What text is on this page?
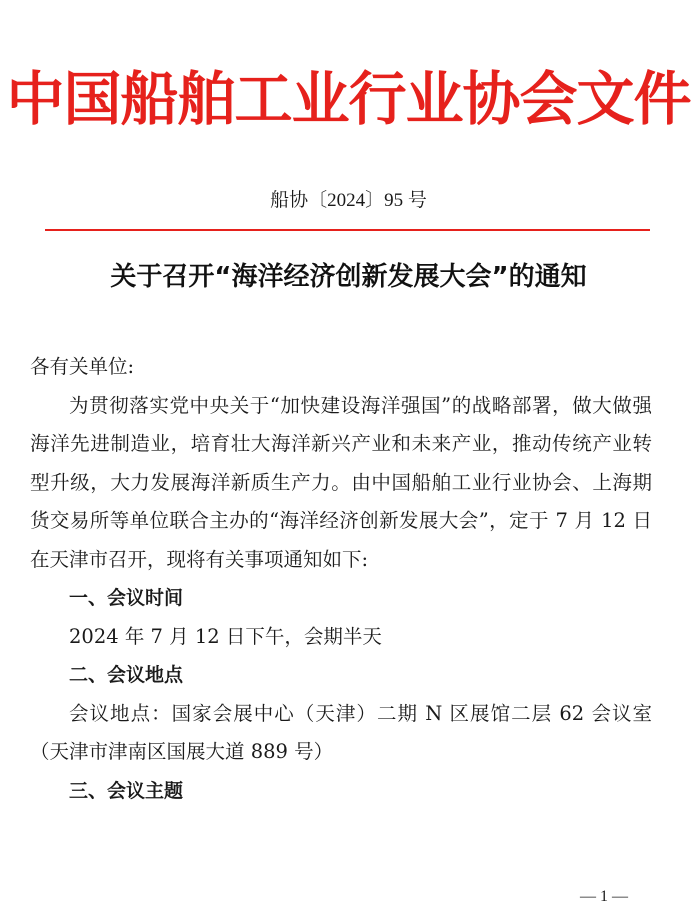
中国船舶工业行业协会文件
船协〔2024〕95 号
关于召开“海洋经济创新发展大会”的通知

各有关单位:

为贯彻落实党中央关于“加快建设海洋强国”的战略部署，做大做强海洋先进制造业，培育壮大海洋新兴产业和未来产业，推动传统产业转型升级，大力发展海洋新质生产力。由中国船舶工业行业协会、上海期货交易所等单位联合主办的“海洋经济创新发展大会”，定于 7 月 12 日在天津市召开，现将有关事项通知如下:

一、会议时间

2024 年 7 月 12 日下午，会期半天

二、会议地点

会议地点：国家会展中心（天津）二期 N 区展馆二层 62 会议室（天津市津南区国展大道 889 号）

三、会议主题

— 1 —
